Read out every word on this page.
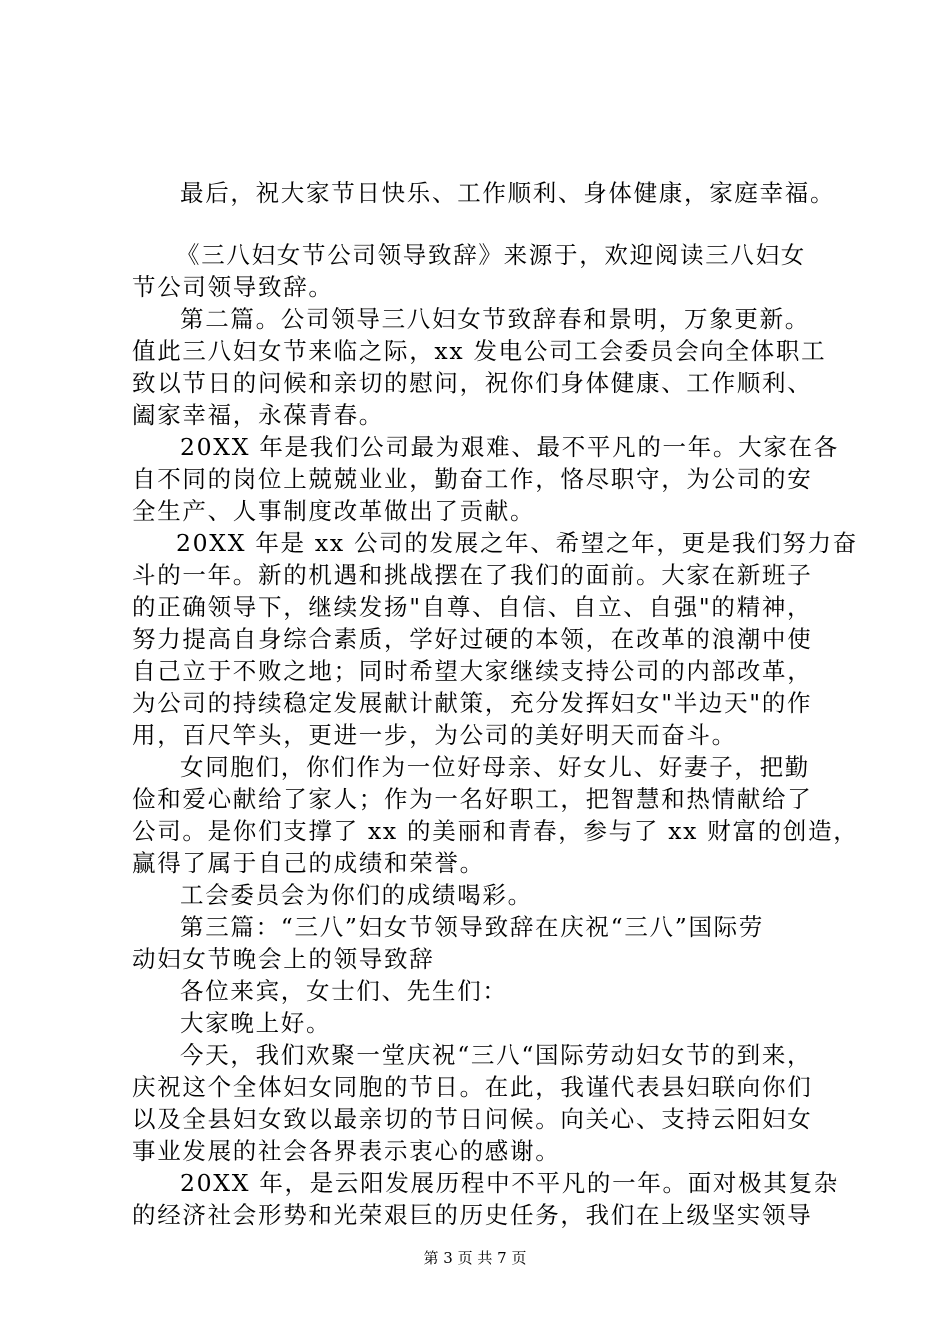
最后，祝大家节日快乐、工作顺利、身体健康，家庭幸福。
《三八妇女节公司领导致辞》来源于，欢迎阅读三八妇女
节公司领导致辞。
第二篇。公司领导三八妇女节致辞春和景明，万象更新。
值此三八妇女节来临之际，xx 发电公司工会委员会向全体职工
致以节日的问候和亲切的慰问，祝你们身体健康、工作顺利、
阖家幸福，永葆青春。
20XX 年是我们公司最为艰难、最不平凡的一年。大家在各
自不同的岗位上兢兢业业，勤奋工作，恪尽职守，为公司的安
全生产、人事制度改革做出了贡献。
20XX 年是 xx 公司的发展之年、希望之年，更是我们努力奋
斗的一年。新的机遇和挑战摆在了我们的面前。大家在新班子
的正确领导下，继续发扬"自尊、自信、自立、自强"的精神，
努力提高自身综合素质，学好过硬的本领，在改革的浪潮中使
自己立于不败之地；同时希望大家继续支持公司的内部改革，
为公司的持续稳定发展献计献策，充分发挥妇女"半边天"的作
用，百尺竿头，更进一步，为公司的美好明天而奋斗。
女同胞们，你们作为一位好母亲、好女儿、好妻子，把勤
俭和爱心献给了家人；作为一名好职工，把智慧和热情献给了
公司。是你们支撑了 xx 的美丽和青春，参与了 xx 财富的创造，
赢得了属于自己的成绩和荣誉。
工会委员会为你们的成绩喝彩。
第三篇：“三八”妇女节领导致辞在庆祝“三八”国际劳
动妇女节晚会上的领导致辞
各位来宾，女士们、先生们：
大家晚上好。
今天，我们欢聚一堂庆祝“三八“国际劳动妇女节的到来，
庆祝这个全体妇女同胞的节日。在此，我谨代表县妇联向你们
以及全县妇女致以最亲切的节日问候。向关心、支持云阳妇女
事业发展的社会各界表示衷心的感谢。
20XX 年，是云阳发展历程中不平凡的一年。面对极其复杂
的经济社会形势和光荣艰巨的历史任务，我们在上级坚实领导
第 3 页 共 7 页
